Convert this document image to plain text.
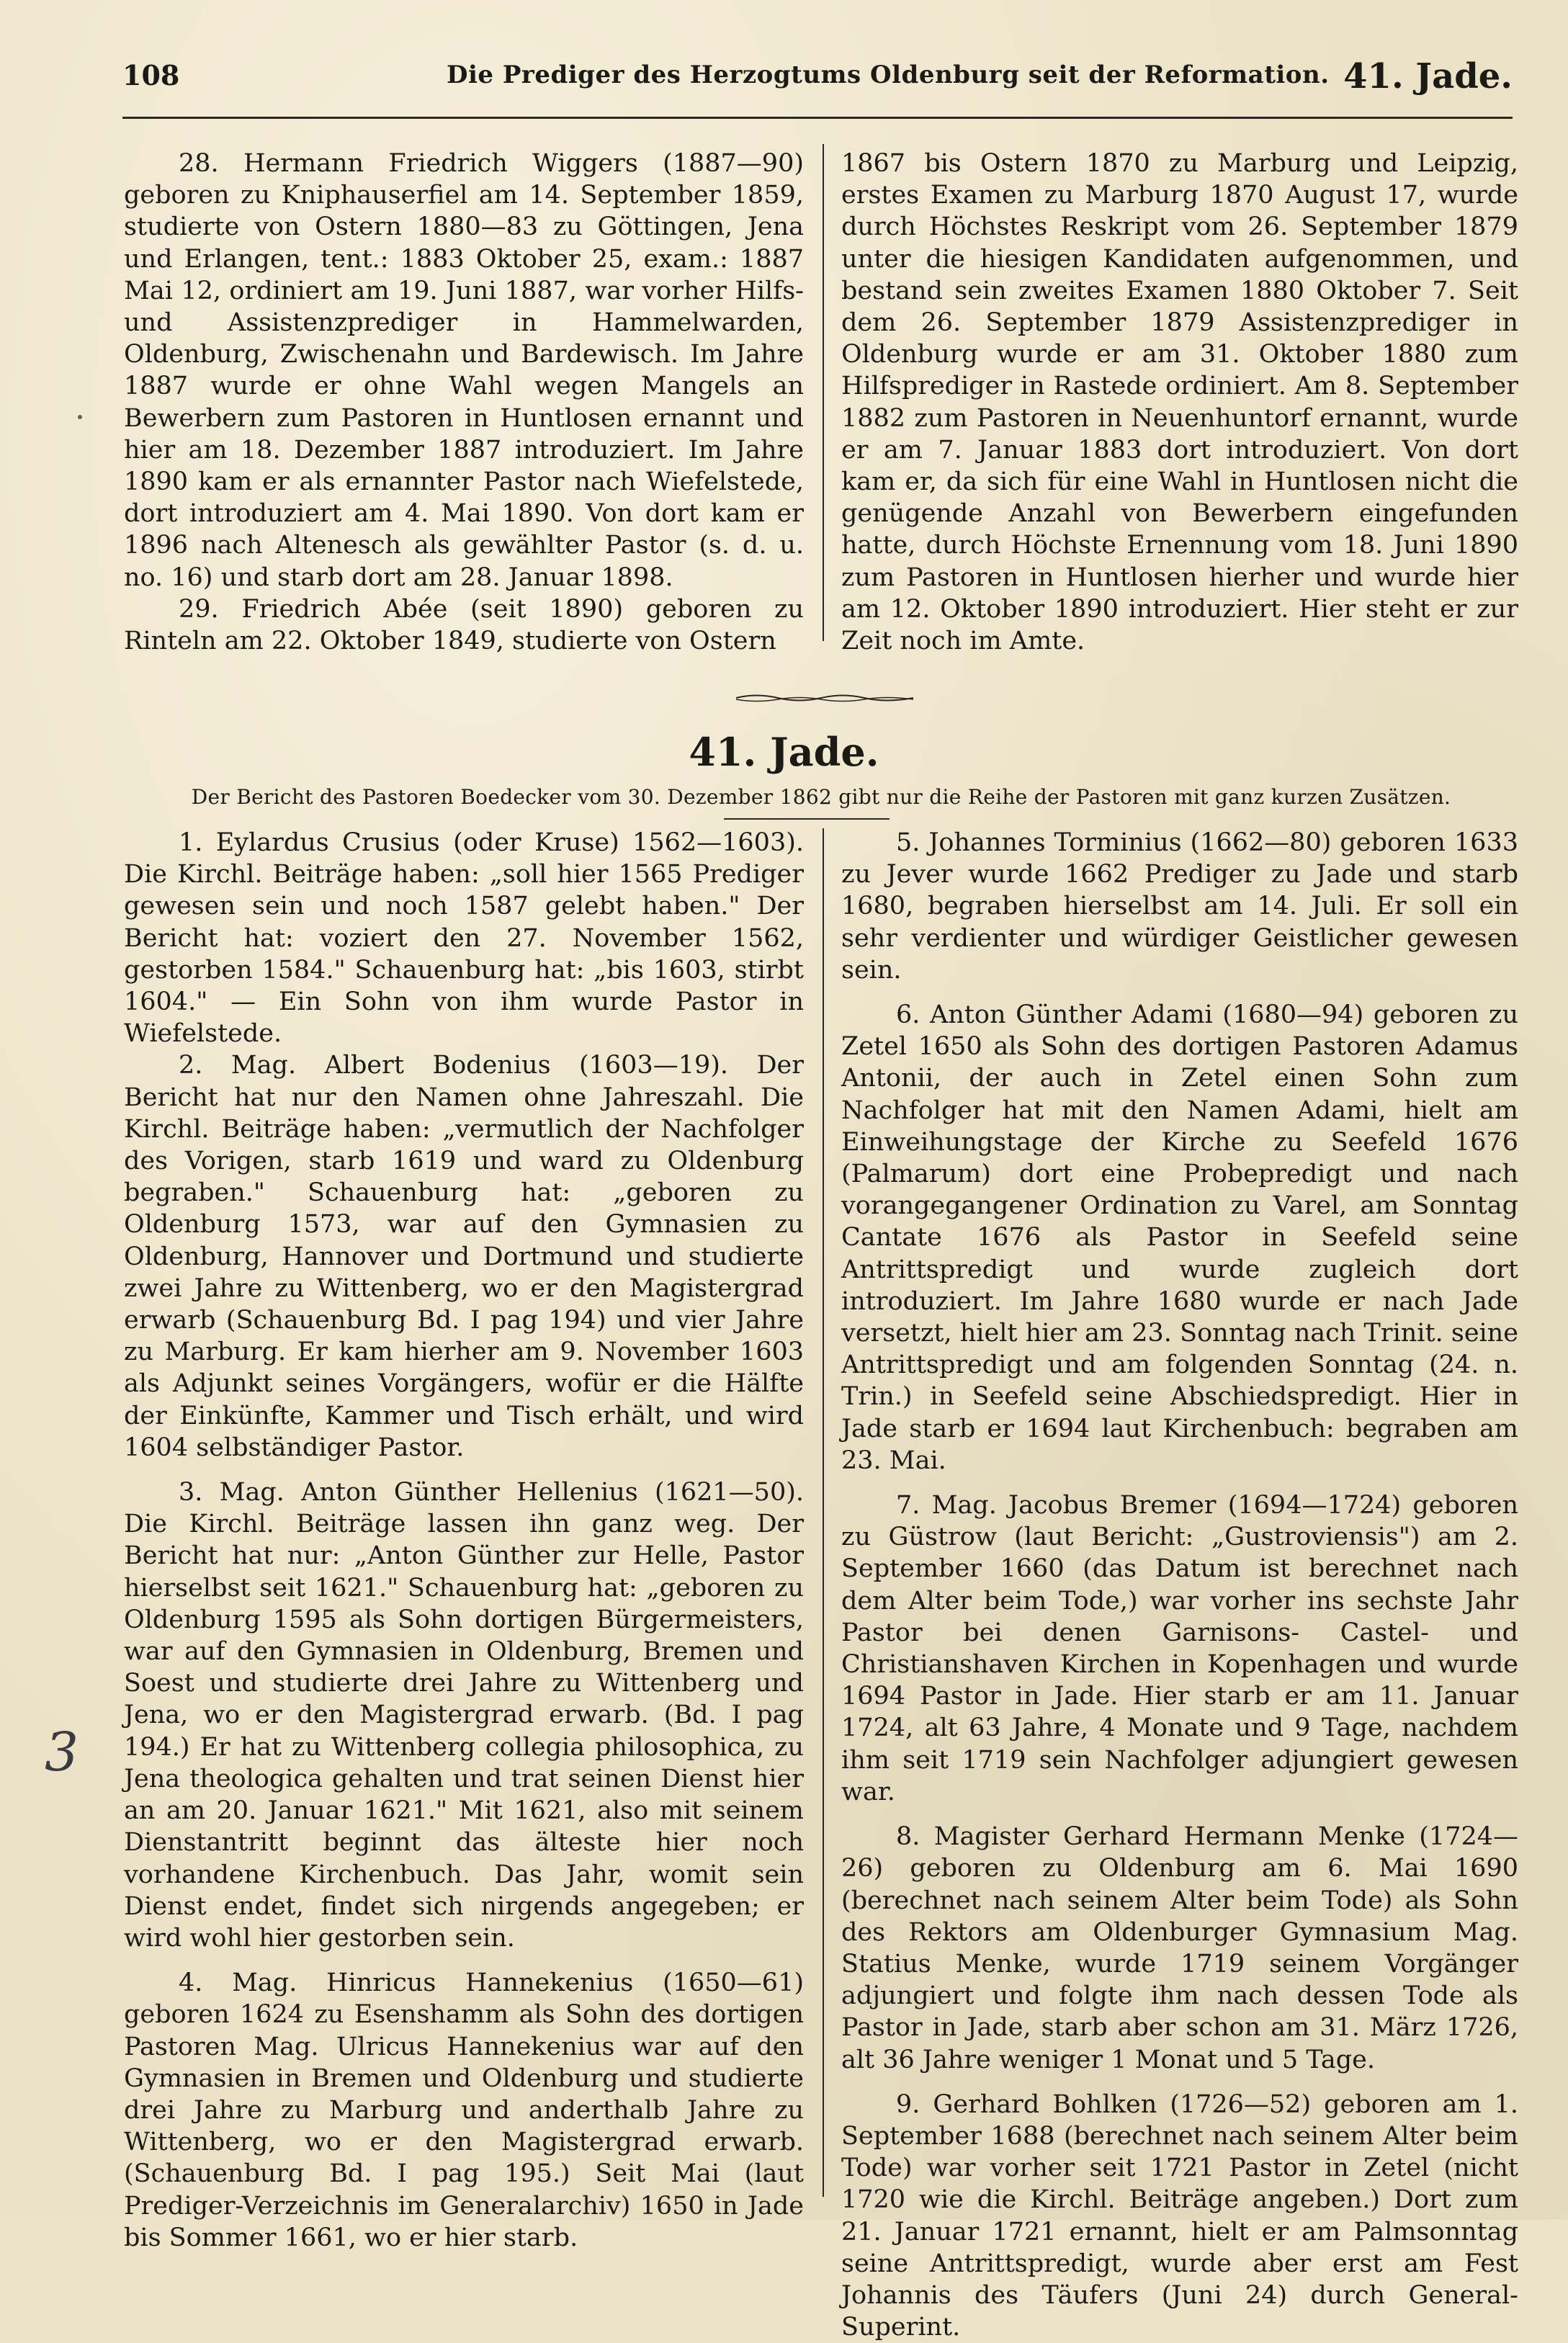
108	Die Prediger des Herzogtums Oldenburg seit der Reformation. 41. Jade.

28. Hermann Friedrich Wiggers (1887—90) geboren zu Kniphauserfiel am 14. September 1859, studierte von Ostern 1880—83 zu Göttingen, Jena und Erlangen, tent.: 1883 Oktober 25, exam.: 1887 Mai 12, ordiniert am 19. Juni 1887, war vorher Hilfs- und Assistenzprediger in Hammelwarden, Oldenburg, Zwischenahn und Bardewisch. Im Jahre 1887 wurde er ohne Wahl wegen Mangels an Bewerbern zum Pastoren in Huntlosen ernannt und hier am 18. Dezember 1887 introduziert. Im Jahre 1890 kam er als ernannter Pastor nach Wiefelstede, dort introduziert am 4. Mai 1890. Von dort kam er 1896 nach Altenesch als gewählter Pastor (s. d. u. no. 16) und starb dort am 28. Januar 1898.

29. Friedrich Abée (seit 1890) geboren zu Rinteln am 22. Oktober 1849, studierte von Ostern

1867 bis Ostern 1870 zu Marburg und Leipzig, erstes Examen zu Marburg 1870 August 17, wurde durch Höchstes Reskript vom 26. September 1879 unter die hiesigen Kandidaten aufgenommen, und bestand sein zweites Examen 1880 Oktober 7. Seit dem 26. September 1879 Assistenzprediger in Oldenburg wurde er am 31. Oktober 1880 zum Hilfsprediger in Rastede ordiniert. Am 8. September 1882 zum Pastoren in Neuenhuntorf ernannt, wurde er am 7. Januar 1883 dort introduziert. Von dort kam er, da sich für eine Wahl in Huntlosen nicht die genügende Anzahl von Bewerbern eingefunden hatte, durch Höchste Ernennung vom 18. Juni 1890 zum Pastoren in Huntlosen hierher und wurde hier am 12. Oktober 1890 introduziert. Hier steht er zur Zeit noch im Amte.

41. Jade.
Der Bericht des Pastoren Boedecker vom 30. Dezember 1862 gibt nur die Reihe der Pastoren mit ganz kurzen Zusätzen.

1. Eylardus Crusius (oder Kruse) 1562—1603). Die Kirchl. Beiträge haben: „soll hier 1565 Prediger gewesen sein und noch 1587 gelebt haben." Der Bericht hat: voziert den 27. November 1562, gestorben 1584." Schauenburg hat: „bis 1603, stirbt 1604." — Ein Sohn von ihm wurde Pastor in Wiefelstede.

2. Mag. Albert Bodenius (1603—19). Der Bericht hat nur den Namen ohne Jahreszahl. Die Kirchl. Beiträge haben: „vermutlich der Nachfolger des Vorigen, starb 1619 und ward zu Oldenburg begraben." Schauenburg hat: „geboren zu Oldenburg 1573, war auf den Gymnasien zu Oldenburg, Hannover und Dortmund und studierte zwei Jahre zu Wittenberg, wo er den Magistergrad erwarb (Schauenburg Bd. I pag 194) und vier Jahre zu Marburg. Er kam hierher am 9. November 1603 als Adjunkt seines Vorgängers, wofür er die Hälfte der Einkünfte, Kammer und Tisch erhält, und wird 1604 selbständiger Pastor.

3. Mag. Anton Günther Hellenius (1621—50). Die Kirchl. Beiträge lassen ihn ganz weg. Der Bericht hat nur: „Anton Günther zur Helle, Pastor hierselbst seit 1621." Schauenburg hat: „geboren zu Oldenburg 1595 als Sohn dortigen Bürgermeisters, war auf den Gymnasien in Oldenburg, Bremen und Soest und studierte drei Jahre zu Wittenberg und Jena, wo er den Magistergrad erwarb. (Bd. I pag 194.) Er hat zu Wittenberg collegia philosophica, zu Jena theologica gehalten und trat seinen Dienst hier an am 20. Januar 1621." Mit 1621, also mit seinem Dienstantritt beginnt das älteste hier noch vorhandene Kirchenbuch. Das Jahr, womit sein Dienst endet, findet sich nirgends angegeben; er wird wohl hier gestorben sein.

4. Mag. Hinricus Hannekenius (1650—61) geboren 1624 zu Esenshamm als Sohn des dortigen Pastoren Mag. Ulricus Hannekenius war auf den Gymnasien in Bremen und Oldenburg und studierte drei Jahre zu Marburg und anderthalb Jahre zu Wittenberg, wo er den Magistergrad erwarb. (Schauenburg Bd. I pag 195.) Seit Mai (laut Prediger-Verzeichnis im Generalarchiv) 1650 in Jade bis Sommer 1661, wo er hier starb.

5. Johannes Torminius (1662—80) geboren 1633 zu Jever wurde 1662 Prediger zu Jade und starb 1680, begraben hierselbst am 14. Juli. Er soll ein sehr verdienter und würdiger Geistlicher gewesen sein.

6. Anton Günther Adami (1680—94) geboren zu Zetel 1650 als Sohn des dortigen Pastoren Adamus Antonii, der auch in Zetel einen Sohn zum Nachfolger hat mit den Namen Adami, hielt am Einweihungstage der Kirche zu Seefeld 1676 (Palmarum) dort eine Probepredigt und nach vorangegangener Ordination zu Varel, am Sonntag Cantate 1676 als Pastor in Seefeld seine Antrittspredigt und wurde zugleich dort introduziert. Im Jahre 1680 wurde er nach Jade versetzt, hielt hier am 23. Sonntag nach Trinit. seine Antrittspredigt und am folgenden Sonntag (24. n. Trin.) in Seefeld seine Abschiedspredigt. Hier in Jade starb er 1694 laut Kirchenbuch: begraben am 23. Mai.

7. Mag. Jacobus Bremer (1694—1724) geboren zu Güstrow (laut Bericht: „Gustroviensis") am 2. September 1660 (das Datum ist berechnet nach dem Alter beim Tode,) war vorher ins sechste Jahr Pastor bei denen Garnisons- Castel- und Christianshaven Kirchen in Kopenhagen und wurde 1694 Pastor in Jade. Hier starb er am 11. Januar 1724, alt 63 Jahre, 4 Monate und 9 Tage, nachdem ihm seit 1719 sein Nachfolger adjungiert gewesen war.

8. Magister Gerhard Hermann Menke (1724—26) geboren zu Oldenburg am 6. Mai 1690 (berechnet nach seinem Alter beim Tode) als Sohn des Rektors am Oldenburger Gymnasium Mag. Statius Menke, wurde 1719 seinem Vorgänger adjungiert und folgte ihm nach dessen Tode als Pastor in Jade, starb aber schon am 31. März 1726, alt 36 Jahre weniger 1 Monat und 5 Tage.

9. Gerhard Bohlken (1726—52) geboren am 1. September 1688 (berechnet nach seinem Alter beim Tode) war vorher seit 1721 Pastor in Zetel (nicht 1720 wie die Kirchl. Beiträge angeben.) Dort zum 21. Januar 1721 ernannt, hielt er am Palmsonntag seine Antrittspredigt, wurde aber erst am Fest Johannis des Täufers (Juni 24) durch General-Superint.

3
